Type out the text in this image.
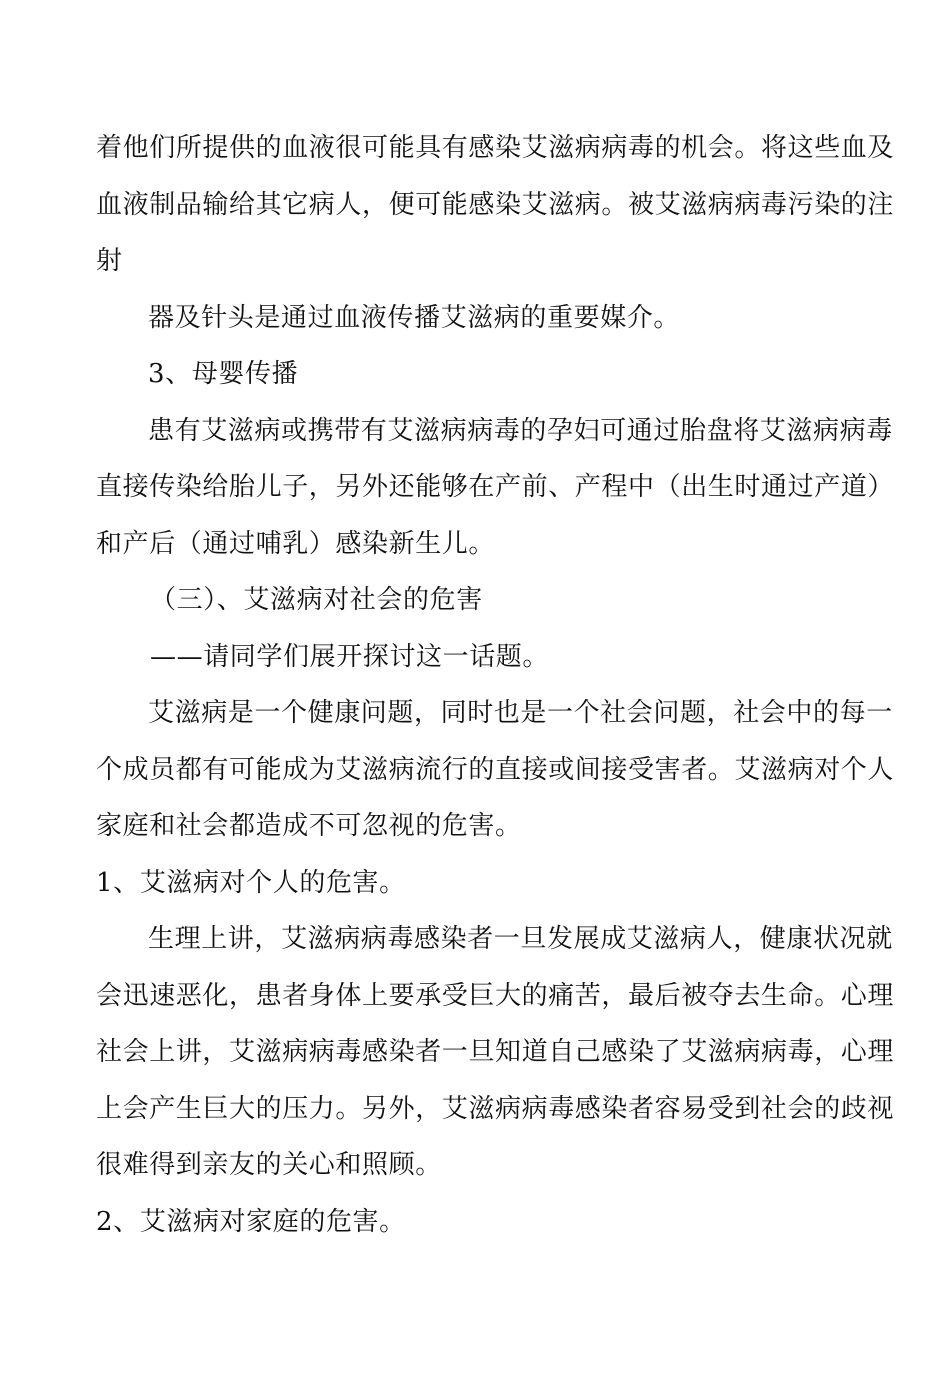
着他们所提供的血液很可能具有感染艾滋病病毒的机会。将这些血及
血液制品输给其它病人，便可能感染艾滋病。被艾滋病病毒污染的注
射
器及针头是通过血液传播艾滋病的重要媒介。
3、母婴传播
患有艾滋病或携带有艾滋病病毒的孕妇可通过胎盘将艾滋病病毒
直接传染给胎儿子，另外还能够在产前、产程中（出生时通过产道）
和产后（通过哺乳）感染新生儿。
（三）、艾滋病对社会的危害
——请同学们展开探讨这一话题。
艾滋病是一个健康问题，同时也是一个社会问题，社会中的每一
个成员都有可能成为艾滋病流行的直接或间接受害者。艾滋病对个人
家庭和社会都造成不可忽视的危害。
1、艾滋病对个人的危害。
生理上讲，艾滋病病毒感染者一旦发展成艾滋病人，健康状况就
会迅速恶化，患者身体上要承受巨大的痛苦，最后被夺去生命。心理
社会上讲，艾滋病病毒感染者一旦知道自己感染了艾滋病病毒，心理
上会产生巨大的压力。另外，艾滋病病毒感染者容易受到社会的歧视
很难得到亲友的关心和照顾。
2、艾滋病对家庭的危害。
